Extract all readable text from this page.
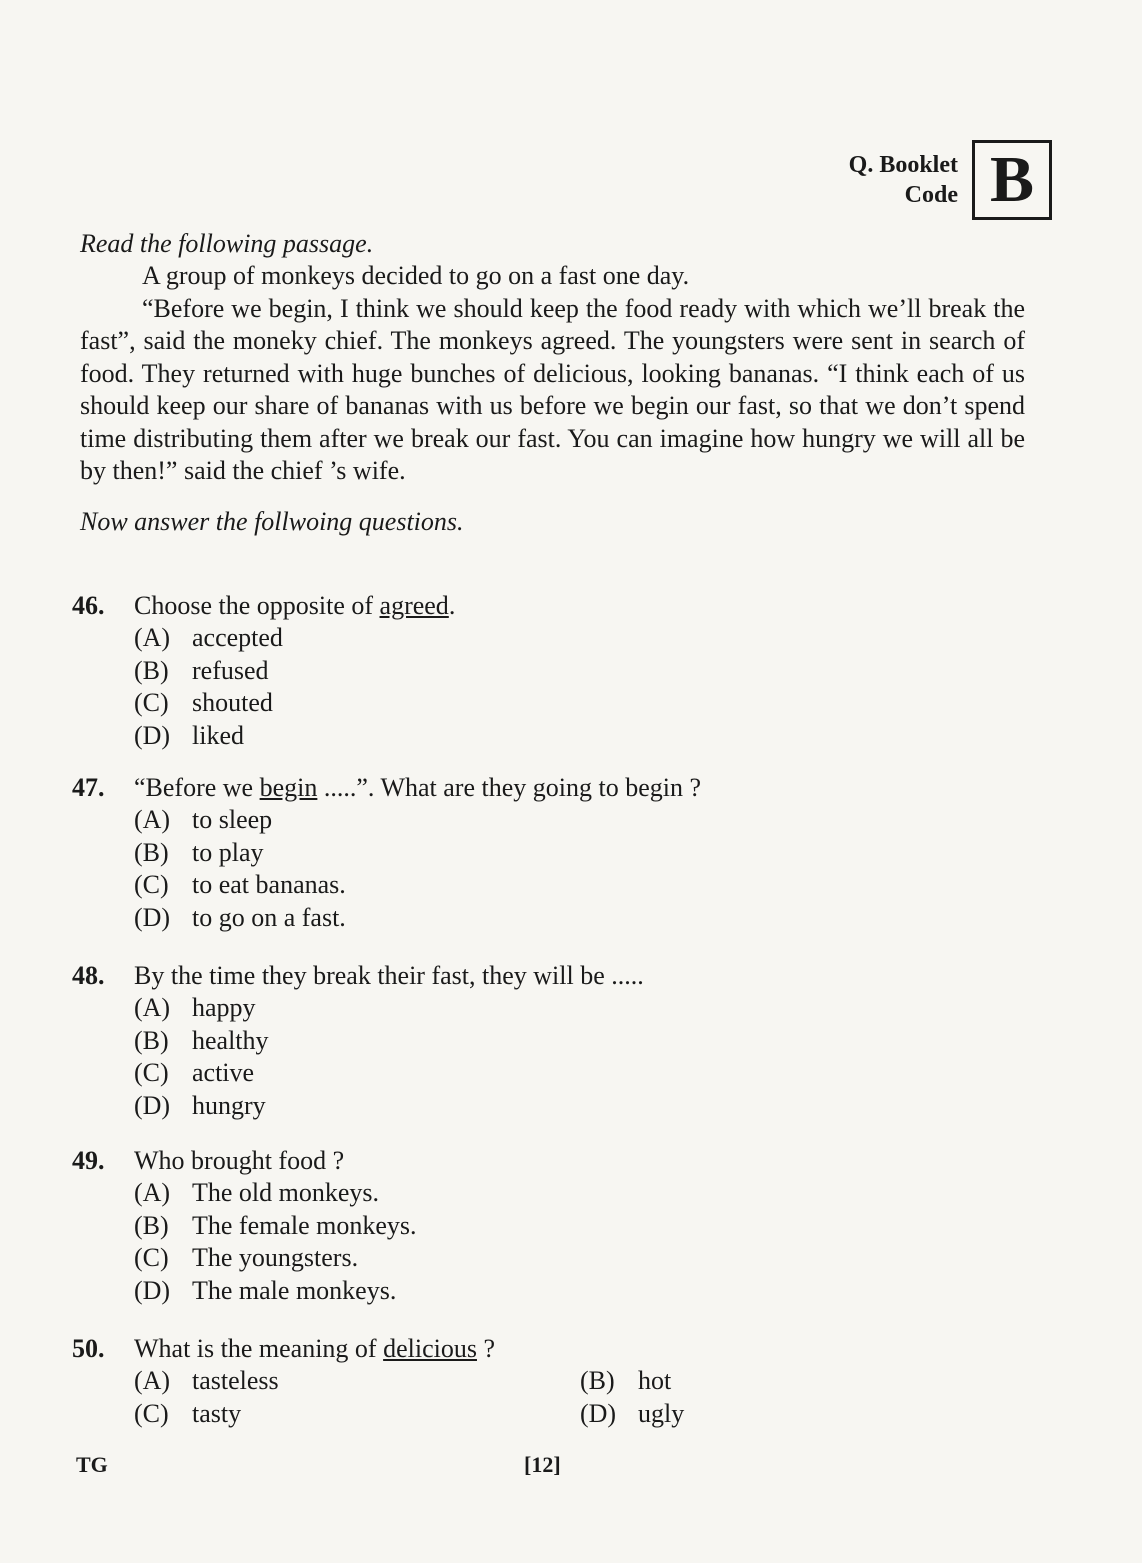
Q. Booklet
Code B

Read the following passage.

A group of monkeys decided to go on a fast one day.

“Before we begin, I think we should keep the food ready with which we’ll break the fast”, said the moneky chief. The monkeys agreed. The youngsters were sent in search of food. They returned with huge bunches of delicious, looking bananas. “I think each of us should keep our share of bananas with us before we begin our fast, so that we don’t spend time distributing them after we break our fast. You can imagine how hungry we will all be by then!” said the chief ’s wife.

Now answer the follwoing questions.

46.	Choose the opposite of agreed.
(A) accepted
(B) refused
(C) shouted
(D) liked
47.	“Before we begin .....”. What are they going to begin ?
(A) to sleep
(B) to play
(C) to eat bananas.
(D) to go on a fast.
48.	By the time they break their fast, they will be .....
(A) happy
(B) healthy
(C) active
(D) hungry
49.	Who brought food ?
(A) The old monkeys.
(B) The female monkeys.
(C) The youngsters.
(D) The male monkeys.
50.	What is the meaning of delicious ?
(A) tasteless	(B) hot
(C) tasty	(D) ugly
TG	[12]
